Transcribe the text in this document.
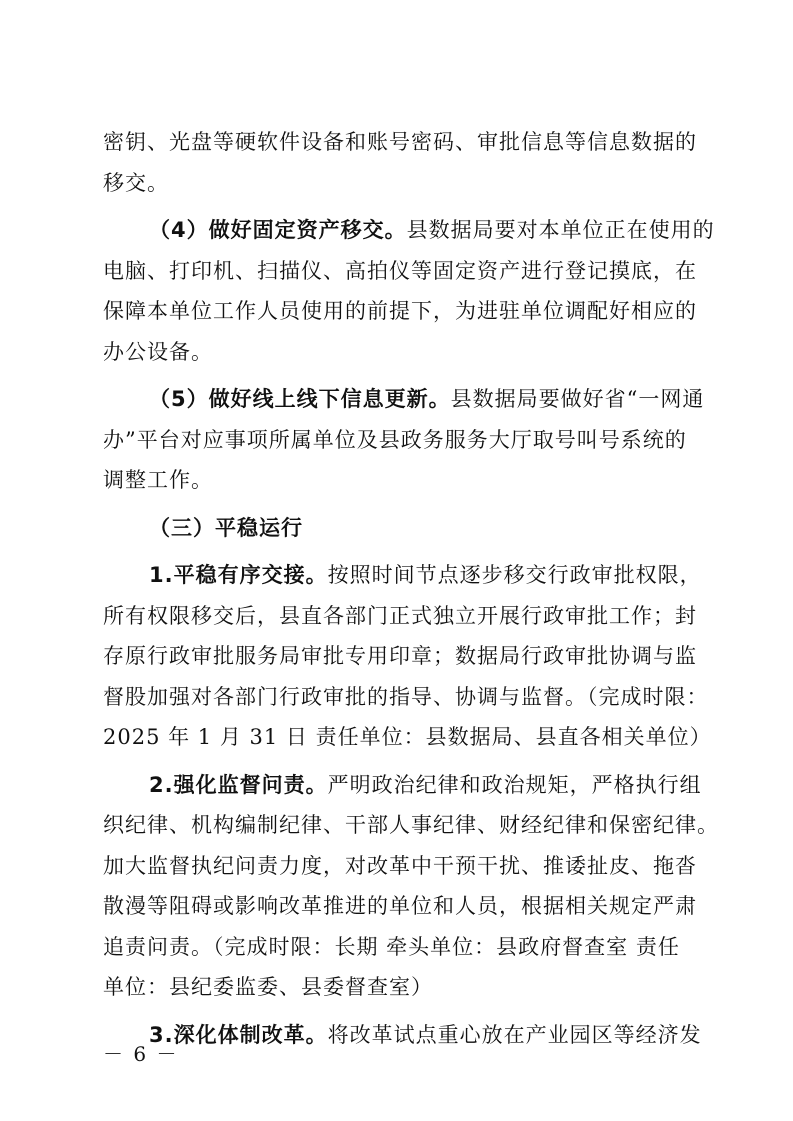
密钥、光盘等硬软件设备和账号密码、审批信息等信息数据的
移交。
（4）做好固定资产移交。县数据局要对本单位正在使用的
电脑、打印机、扫描仪、高拍仪等固定资产进行登记摸底，在
保障本单位工作人员使用的前提下，为进驻单位调配好相应的
办公设备。
（5）做好线上线下信息更新。县数据局要做好省“一网通
办”平台对应事项所属单位及县政务服务大厅取号叫号系统的
调整工作。
（三）平稳运行
1.平稳有序交接。按照时间节点逐步移交行政审批权限，
所有权限移交后，县直各部门正式独立开展行政审批工作；封
存原行政审批服务局审批专用印章；数据局行政审批协调与监
督股加强对各部门行政审批的指导、协调与监督。（完成时限：
2025 年 1 月 31 日 责任单位：县数据局、县直各相关单位）
2.强化监督问责。严明政治纪律和政治规矩，严格执行组
织纪律、机构编制纪律、干部人事纪律、财经纪律和保密纪律。
加大监督执纪问责力度，对改革中干预干扰、推诿扯皮、拖沓
散漫等阻碍或影响改革推进的单位和人员，根据相关规定严肃
追责问责。（完成时限：长期 牵头单位：县政府督查室 责任
单位：县纪委监委、县委督查室）
3.深化体制改革。将改革试点重心放在产业园区等经济发
－ 6 －
